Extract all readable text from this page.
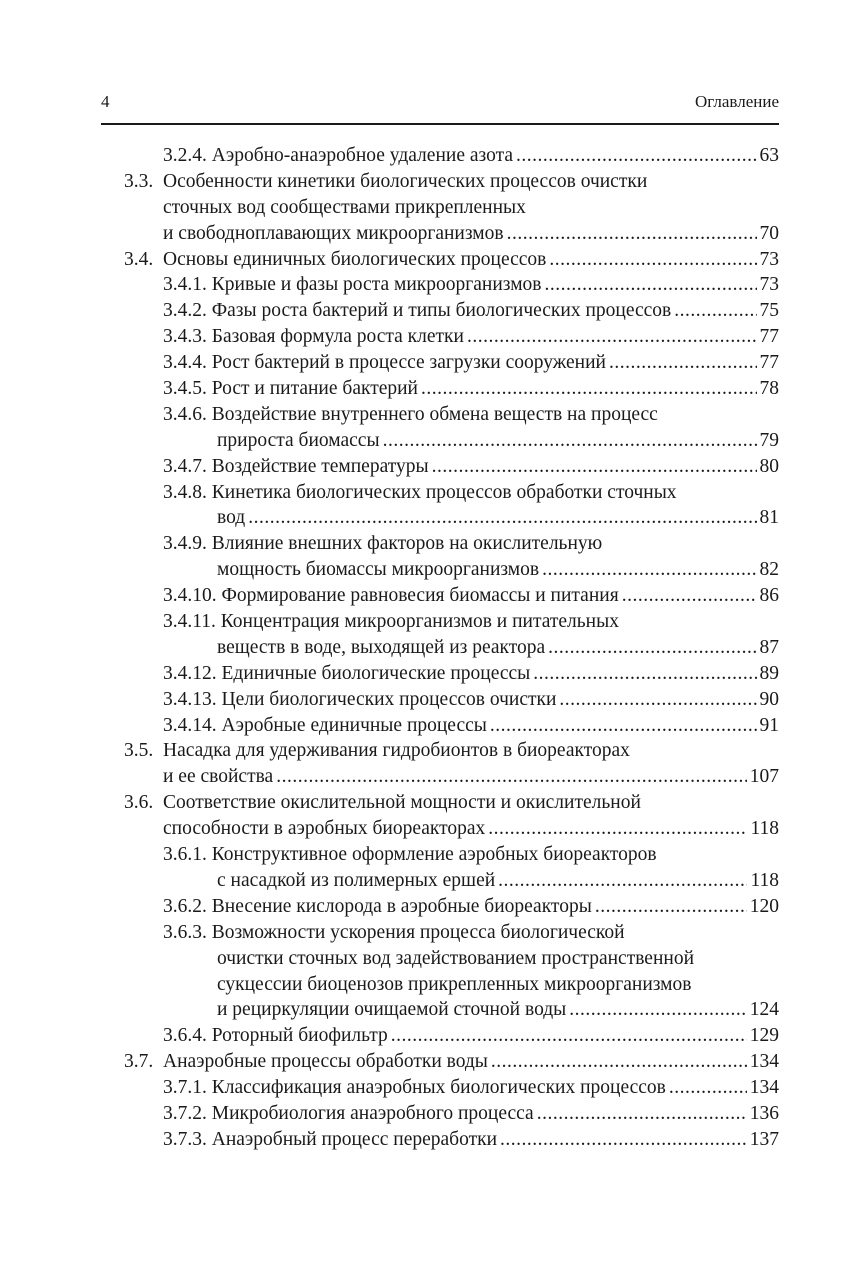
4	Оглавление
3.2.4. Аэробно-анаэробное удаление азота .....	63
3.3. Особенности кинетики биологических процессов очистки
сточных вод сообществами прикрепленных
и свободноплавающих микроорганизмов .....	70
3.4. Основы единичных биологических процессов .....	73
3.4.1. Кривые и фазы роста микроорганизмов .....	73
3.4.2. Фазы роста бактерий и типы биологических процессов .....	75
3.4.3. Базовая формула роста клетки .....	77
3.4.4. Рост бактерий в процессе загрузки сооружений .....	77
3.4.5. Рост и питание бактерий .....	78
3.4.6. Воздействие внутреннего обмена веществ на процесс
прироста биомассы .....	79
3.4.7. Воздействие температуры .....	80
3.4.8. Кинетика биологических процессов обработки сточных
вод .....	81
3.4.9. Влияние внешних факторов на окислительную
мощность биомассы микроорганизмов .....	82
3.4.10. Формирование равновесия биомассы и питания .....	86
3.4.11. Концентрация микроорганизмов и питательных
веществ в воде, выходящей из реактора .....	87
3.4.12. Единичные биологические процессы .....	89
3.4.13. Цели биологических процессов очистки .....	90
3.4.14. Аэробные единичные процессы .....	91
3.5. Насадка для удерживания гидробионтов в биореакторах
и ее свойства .....	107
3.6. Соответствие окислительной мощности и окислительной
способности в аэробных биореакторах .....	118
3.6.1. Конструктивное оформление аэробных биореакторов
с насадкой из полимерных ершей .....	118
3.6.2. Внесение кислорода в аэробные биореакторы .....	120
3.6.3. Возможности ускорения процесса биологической
очистки сточных вод задействованием пространственной
сукцессии биоценозов прикрепленных микроорганизмов
и рециркуляции очищаемой сточной воды .....	124
3.6.4. Роторный биофильтр .....	129
3.7. Анаэробные процессы обработки воды .....	134
3.7.1. Классификация анаэробных биологических процессов .....	134
3.7.2. Микробиология анаэробного процесса .....	136
3.7.3. Анаэробный процесс переработки .....	137
